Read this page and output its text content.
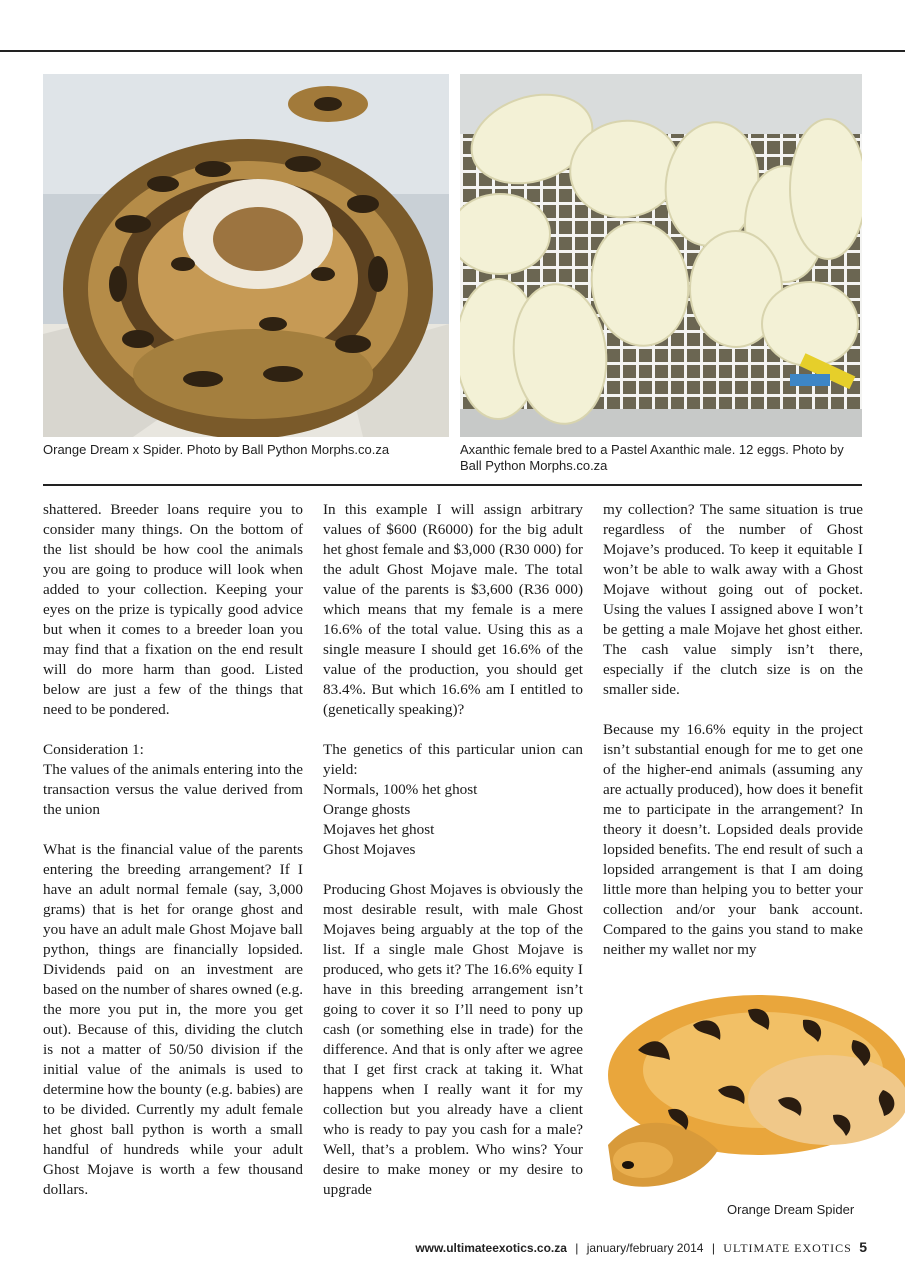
Orange Dream x Spider. Photo by Ball Python Morphs.co.za	Axanthic female bred to a Pastel Axanthic male. 12 eggs. Photo by Ball Python Morphs.co.za

shattered. Breeder loans require you to consider many things. On the bottom of the list should be how cool the animals you are going to produce will look when added to your collection. Keeping your eyes on the prize is typically good advice but when it comes to a breeder loan you may find that a fixation on the end result will do more harm than good. Listed below are just a few of the things that need to be pondered.

Consideration 1:
The values of the animals entering into the transaction versus the value derived from the union

What is the financial value of the parents entering the breeding arrangement? If I have an adult normal female (say, 3,000 grams) that is het for orange ghost and you have an adult male Ghost Mojave ball python, things are financially lopsided. Dividends paid on an investment are based on the number of shares owned (e.g. the more you put in, the more you get out). Because of this, dividing the clutch is not a matter of 50/50 division if the initial value of the animals is used to determine how the bounty (e.g. babies) are to be divided. Currently my adult female het ghost ball python is worth a small handful of hundreds while your adult Ghost Mojave is worth a few thousand dollars.

In this example I will assign arbitrary values of $600 (R6000) for the big adult het ghost female and $3,000 (R30 000) for the adult Ghost Mojave male. The total value of the parents is $3,600 (R36 000) which means that my female is a mere 16.6% of the total value. Using this as a single measure I should get 16.6% of the value of the production, you should get 83.4%. But which 16.6% am I entitled to (genetically speaking)?

The genetics of this particular union can yield:
Normals, 100% het ghost
Orange ghosts
Mojaves het ghost
Ghost Mojaves

Producing Ghost Mojaves is obviously the most desirable result, with male Ghost Mojaves being arguably at the top of the list. If a single male Ghost Mojave is produced, who gets it? The 16.6% equity I have in this breeding arrangement isn’t going to cover it so I’ll need to pony up cash (or something else in trade) for the difference. And that is only after we agree that I get first crack at taking it. What happens when I really want it for my collection but you already have a client who is ready to pay you cash for a male? Well, that’s a problem. Who wins? Your desire to make money or my desire to upgrade

my collection? The same situation is true regardless of the number of Ghost Mojave’s produced. To keep it equitable I won’t be able to walk away with a Ghost Mojave without going out of pocket. Using the values I assigned above I won’t be getting a male Mojave het ghost either. The cash value simply isn’t there, especially if the clutch size is on the smaller side.

Because my 16.6% equity in the project isn’t substantial enough for me to get one of the higher-end animals (assuming any are actually produced), how does it benefit me to participate in the arrangement? In theory it doesn’t. Lopsided deals provide lopsided benefits. The end result of such a lopsided arrangement is that I am doing little more than helping you to better your collection and/or your bank account. Compared to the gains you stand to make neither my wallet nor my

Orange Dream Spider
www.ultimateexotics.co.za | january/february 2014 | ULTIMATE EXOTICS 5
